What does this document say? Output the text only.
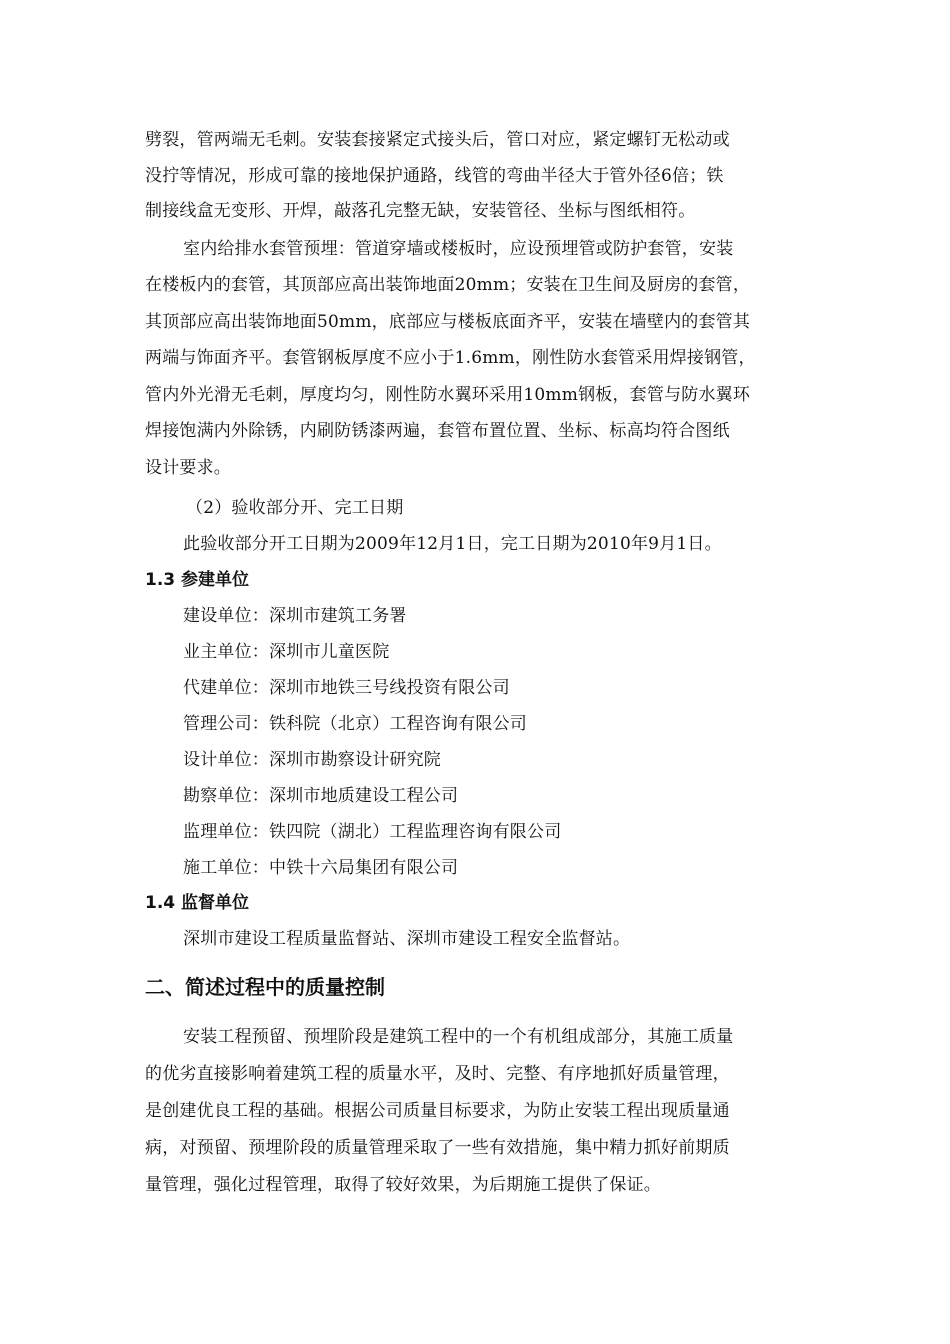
劈裂，管两端无毛刺。安装套接紧定式接头后，管口对应，紧定螺钉无松动或
没拧等情况，形成可靠的接地保护通路，线管的弯曲半径大于管外径6倍；铁
制接线盒无变形、开焊，敲落孔完整无缺，安装管径、坐标与图纸相符。
室内给排水套管预埋：管道穿墙或楼板时，应设预埋管或防护套管，安装
在楼板内的套管，其顶部应高出装饰地面20mm；安装在卫生间及厨房的套管，
其顶部应高出装饰地面50mm，底部应与楼板底面齐平，安装在墙壁内的套管其
两端与饰面齐平。套管钢板厚度不应小于1.6mm，刚性防水套管采用焊接钢管，
管内外光滑无毛刺，厚度均匀，刚性防水翼环采用10mm钢板，套管与防水翼环
焊接饱满内外除锈，内刷防锈漆两遍，套管布置位置、坐标、标高均符合图纸
设计要求。
（2）验收部分开、完工日期
此验收部分开工日期为2009年12月1日，完工日期为2010年9月1日。
1.3 参建单位
建设单位：深圳市建筑工务署
业主单位：深圳市儿童医院
代建单位：深圳市地铁三号线投资有限公司
管理公司：铁科院（北京）工程咨询有限公司
设计单位：深圳市勘察设计研究院
勘察单位：深圳市地质建设工程公司
监理单位：铁四院（湖北）工程监理咨询有限公司
施工单位：中铁十六局集团有限公司
1.4 监督单位
深圳市建设工程质量监督站、深圳市建设工程安全监督站。
二、简述过程中的质量控制
安装工程预留、预埋阶段是建筑工程中的一个有机组成部分，其施工质量
的优劣直接影响着建筑工程的质量水平，及时、完整、有序地抓好质量管理，
是创建优良工程的基础。根据公司质量目标要求，为防止安装工程出现质量通
病，对预留、预埋阶段的质量管理采取了一些有效措施，集中精力抓好前期质
量管理，强化过程管理，取得了较好效果，为后期施工提供了保证。
